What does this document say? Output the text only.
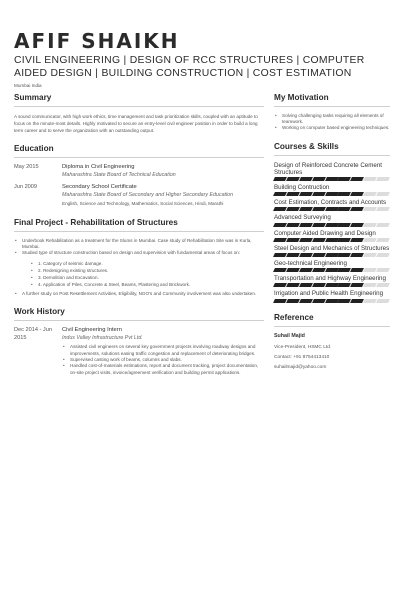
AFIF SHAIKH
CIVIL ENGINEERING | DESIGN OF RCC STRUCTURES | COMPUTER AIDED DESIGN | BUILDING CONSTRUCTION | COST ESTIMATION
Mumbai India
Summary
A sound communicator, with high work ethics, time management and task prioritization skills, coupled with an aptitude to focus on the minute-most details. Highly motivated to secure an entry-level civil engineer position in order to build a long term career and to serve the organization with an outstanding output.
Education
May 2015	Diploma in Civil Engineering
Maharashtra State Board of Technical Education
Jun 2009	Secondary School Certificate
Maharashtra State Board of Secondary and Higher Secondary Education
English, Science and Technology, Mathematics, Social Sciences, Hindi, Marathi
Final Project - Rehabilitation of Structures
• Underbook Rehabilitation as a treatment for the Slums in Mumbai. Case study of Rehabilitation Site was in Kurla, Mumbai.
• Studied type of structure construction based on design and supervision with fundamental areas of focus on:
• 1. Category of seismic damage.
• 2. Redesigning existing structures.
• 3. Demolition and Excavation.
• 4. Application of Piles, Concrete & Steel, Beams, Plastering and Brickwork.
• A further study on Post Resettlement Activities, Eligibility, NGO's and Community involvement was also undertaken.
Work History
Dec 2014 - Jun 2015
Civil Engineering Intern
Indus Valley Infrastructure Pvt Ltd.
• Assisted civil engineers on several key government projects involving roadway designs and improvements, solutions easing traffic congestion and replacement of deteriorating bridges.
• Supervised casting work of beams, columns and slabs.
• Handled cost-of-materials estimations, report and document tracking, project documentation, on-site project visits, invoice/agreement verification and building permit applications.
My Motivation
• Solving challenging tasks requiring all elements of teamwork.
• Working on computer based engineering techniques.
Courses & Skills
Design of Reinforced Concrete Cement Structures
Building Contruction
Cost Estimation, Contracts and Accounts
Advanced Surveying
Computer Aided Drawing and Design
Steel Design and Mechanics of Structures
Geo-technical Engineering
Transportation and Highway Engineering
Irrigation and Public Health Engineering
Reference
Suhail Majid
Vice-President, HSMC Ltd.
Contact: +91 8754413410
suhailmajid@yahoo.com
